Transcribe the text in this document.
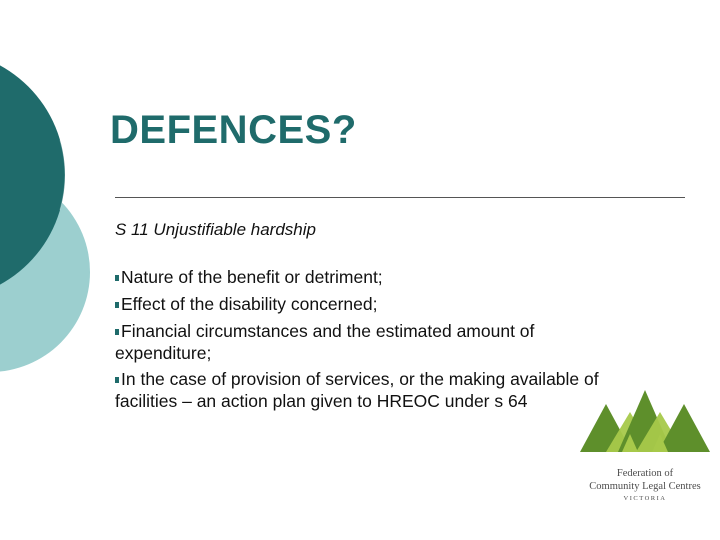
DEFENCES?
S 11 Unjustifiable hardship
Nature of the benefit or detriment;
Effect of the disability concerned;
Financial circumstances and the estimated amount of expenditure;
In the case of provision of services, or the making available of facilities – an action plan given to HREOC under s 64
Federation of
Community Legal Centres
VICTORIA
